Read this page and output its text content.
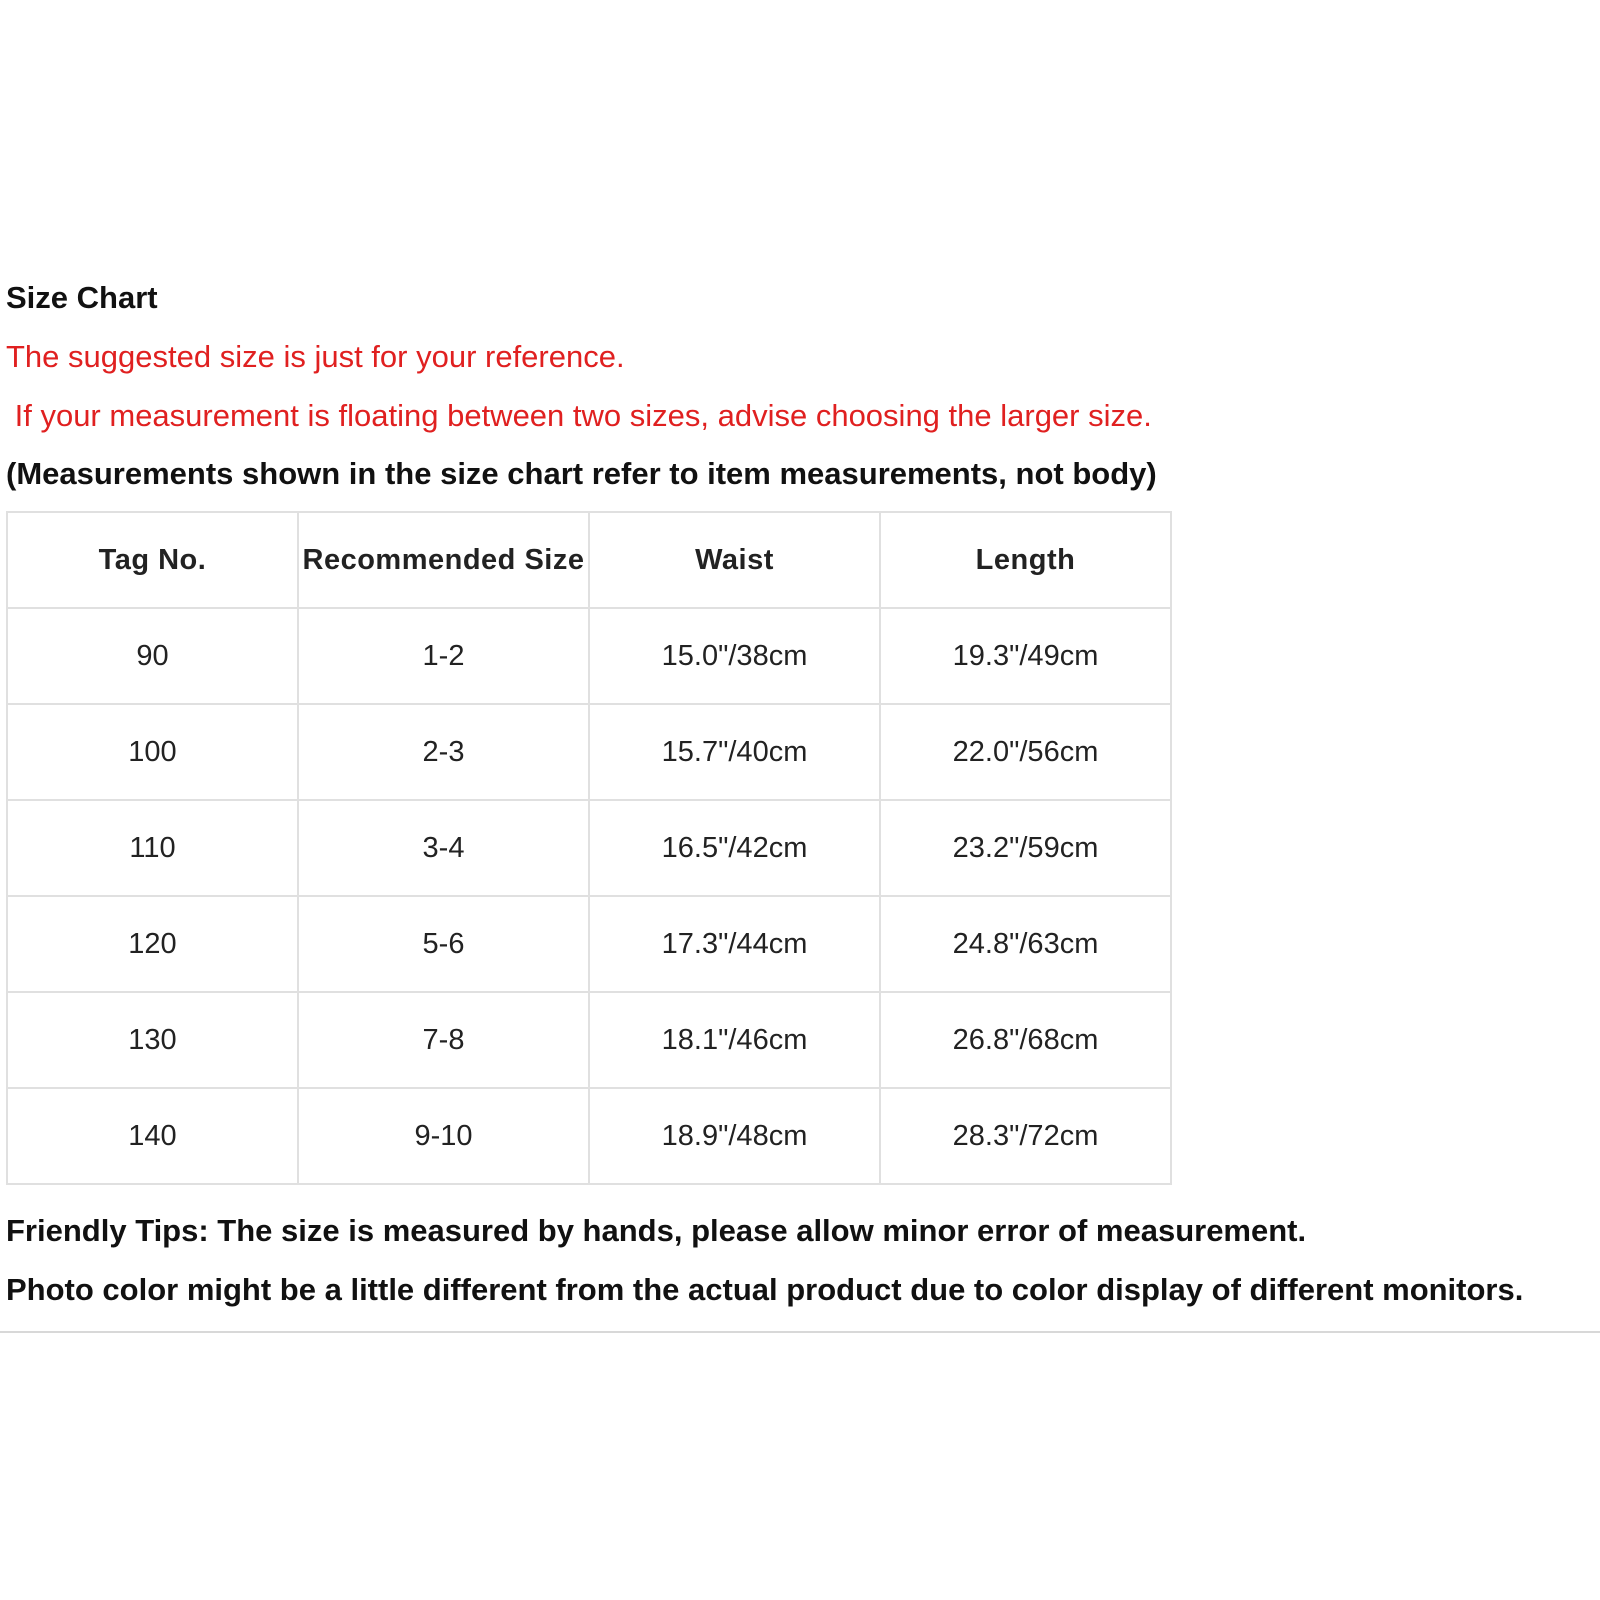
Size Chart
The suggested size is just for your reference.
If your measurement is floating between two sizes, advise choosing the larger size.
(Measurements shown in the size chart refer to item measurements, not body)
Tag No.	Recommended Size	Waist	Length
90	1-2	15.0"/38cm	19.3"/49cm
100	2-3	15.7"/40cm	22.0"/56cm
110	3-4	16.5"/42cm	23.2"/59cm
120	5-6	17.3"/44cm	24.8"/63cm
130	7-8	18.1"/46cm	26.8"/68cm
140	9-10	18.9"/48cm	28.3"/72cm
Friendly Tips: The size is measured by hands, please allow minor error of measurement.
Photo color might be a little different from the actual product due to color display of different monitors.
